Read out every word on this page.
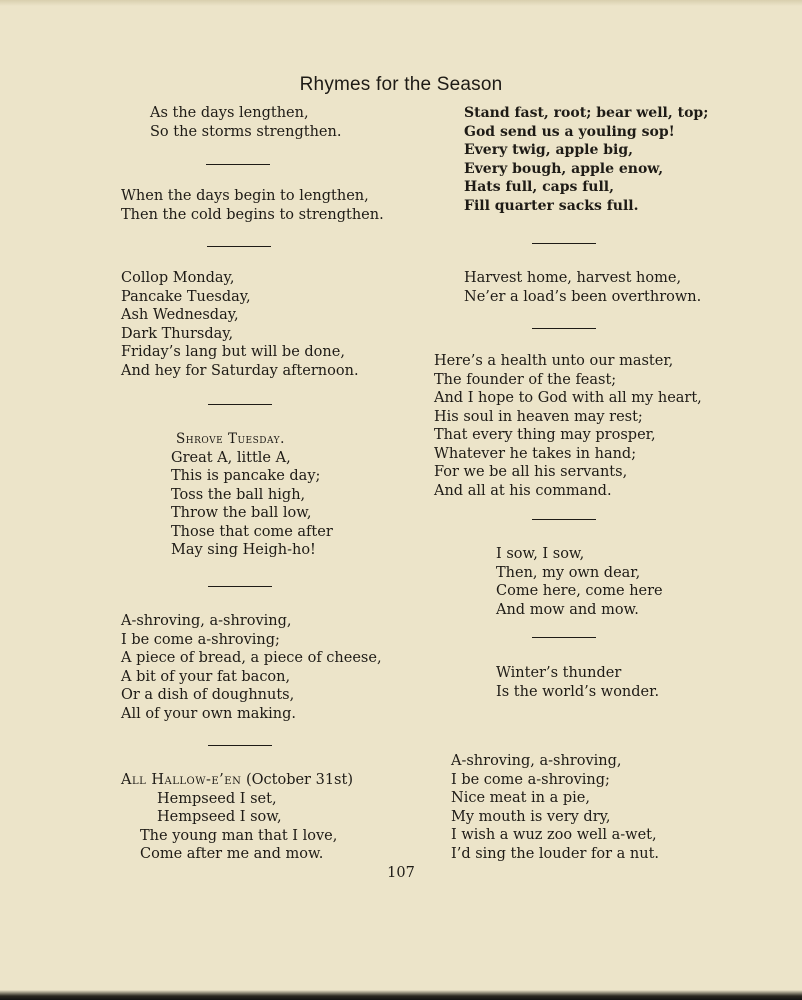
Rhymes for the Season
As the days lengthen,
So the storms strengthen.
When the days begin to lengthen,
Then the cold begins to strengthen.
Collop Monday,
Pancake Tuesday,
Ash Wednesday,
Dark Thursday,
Friday’s lang but will be done,
And hey for Saturday afternoon.
Shrove Tuesday.
Great A, little A,
This is pancake day;
Toss the ball high,
Throw the ball low,
Those that come after
May sing Heigh-ho!
A-shroving, a-shroving,
I be come a-shroving;
A piece of bread, a piece of cheese,
A bit of your fat bacon,
Or a dish of doughnuts,
All of your own making.
All Hallow-e’en (October 31st)
Hempseed I set,
Hempseed I sow,
The young man that I love,
Come after me and mow.
Stand fast, root; bear well, top;
God send us a youling sop!
Every twig, apple big,
Every bough, apple enow,
Hats full, caps full,
Fill quarter sacks full.
Harvest home, harvest home,
Ne’er a load’s been overthrown.
Here’s a health unto our master,
The founder of the feast;
And I hope to God with all my heart,
His soul in heaven may rest;
That every thing may prosper,
Whatever he takes in hand;
For we be all his servants,
And all at his command.
I sow, I sow,
Then, my own dear,
Come here, come here
And mow and mow.
Winter’s thunder
Is the world’s wonder.
A-shroving, a-shroving,
I be come a-shroving;
Nice meat in a pie,
My mouth is very dry,
I wish a wuz zoo well a-wet,
I’d sing the louder for a nut.
107
